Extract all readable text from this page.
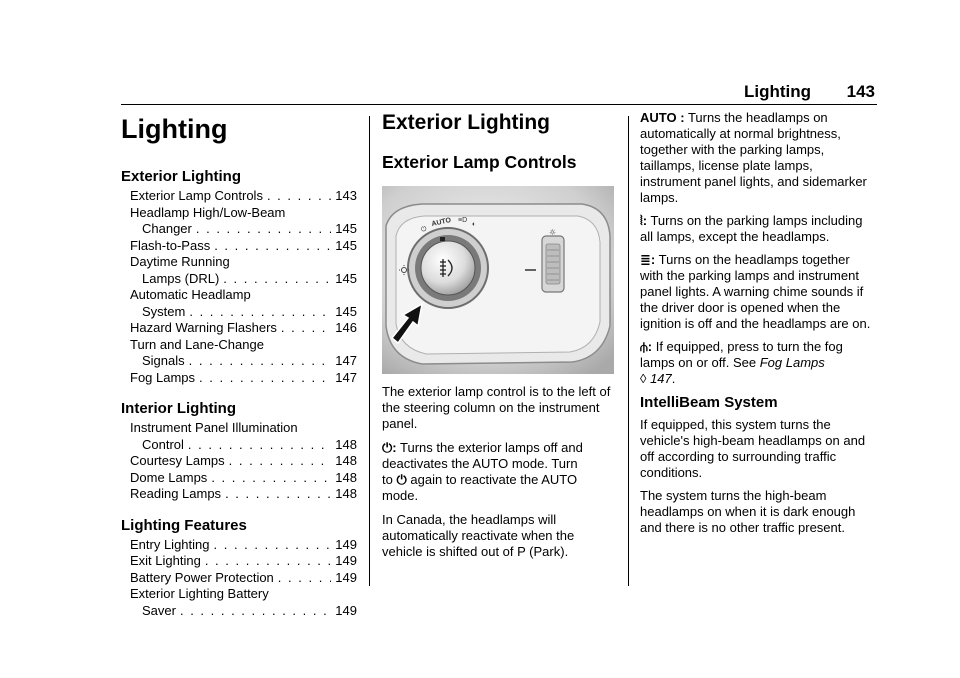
Lighting 143
Lighting
Exterior Lighting
Exterior Lamp Controls . . .	143
Headlamp High/Low-Beam
Changer . . .	145
Flash-to-Pass . . .	145
Daytime Running
Lamps (DRL) . . .	145
Automatic Headlamp
System . . .	145
Hazard Warning Flashers . . .	146
Turn and Lane-Change
Signals . . .	147
Fog Lamps . . .	147
Interior Lighting
Instrument Panel Illumination
Control . . .	148
Courtesy Lamps . . .	148
Dome Lamps . . .	148
Reading Lamps . . .	148
Lighting Features
Entry Lighting . . .	149
Exit Lighting . . .	149
Battery Power Protection . . .	149
Exterior Lighting Battery
Saver . . .	149
Exterior Lighting
Exterior Lamp Controls
⏻
AUTO ≡D
◐
☼

The exterior lamp control is to the left of the steering column on the instrument panel.

⏻: Turns the exterior lamps off and deactivates the AUTO mode. Turn
to ⏻ again to reactivate the AUTO mode.

In Canada, the headlamps will automatically reactivate when the vehicle is shifted out of P (Park).

AUTO : Turns the headlamps on automatically at normal brightness, together with the parking lamps, taillamps, license plate lamps, instrument panel lights, and sidemarker lamps.

⦚: Turns on the parking lamps including all lamps, except the headlamps.

≣: Turns on the headlamps together with the parking lamps and instrument panel lights. A warning chime sounds if the driver door is opened when the ignition is off and the headlamps are on.

⫛: If equipped, press to turn the fog lamps on or off. See Fog Lamps
◊ 147.

IntelliBeam System

If equipped, this system turns the vehicle's high-beam headlamps on and off according to surrounding traffic conditions.

The system turns the high-beam headlamps on when it is dark enough and there is no other traffic present.
